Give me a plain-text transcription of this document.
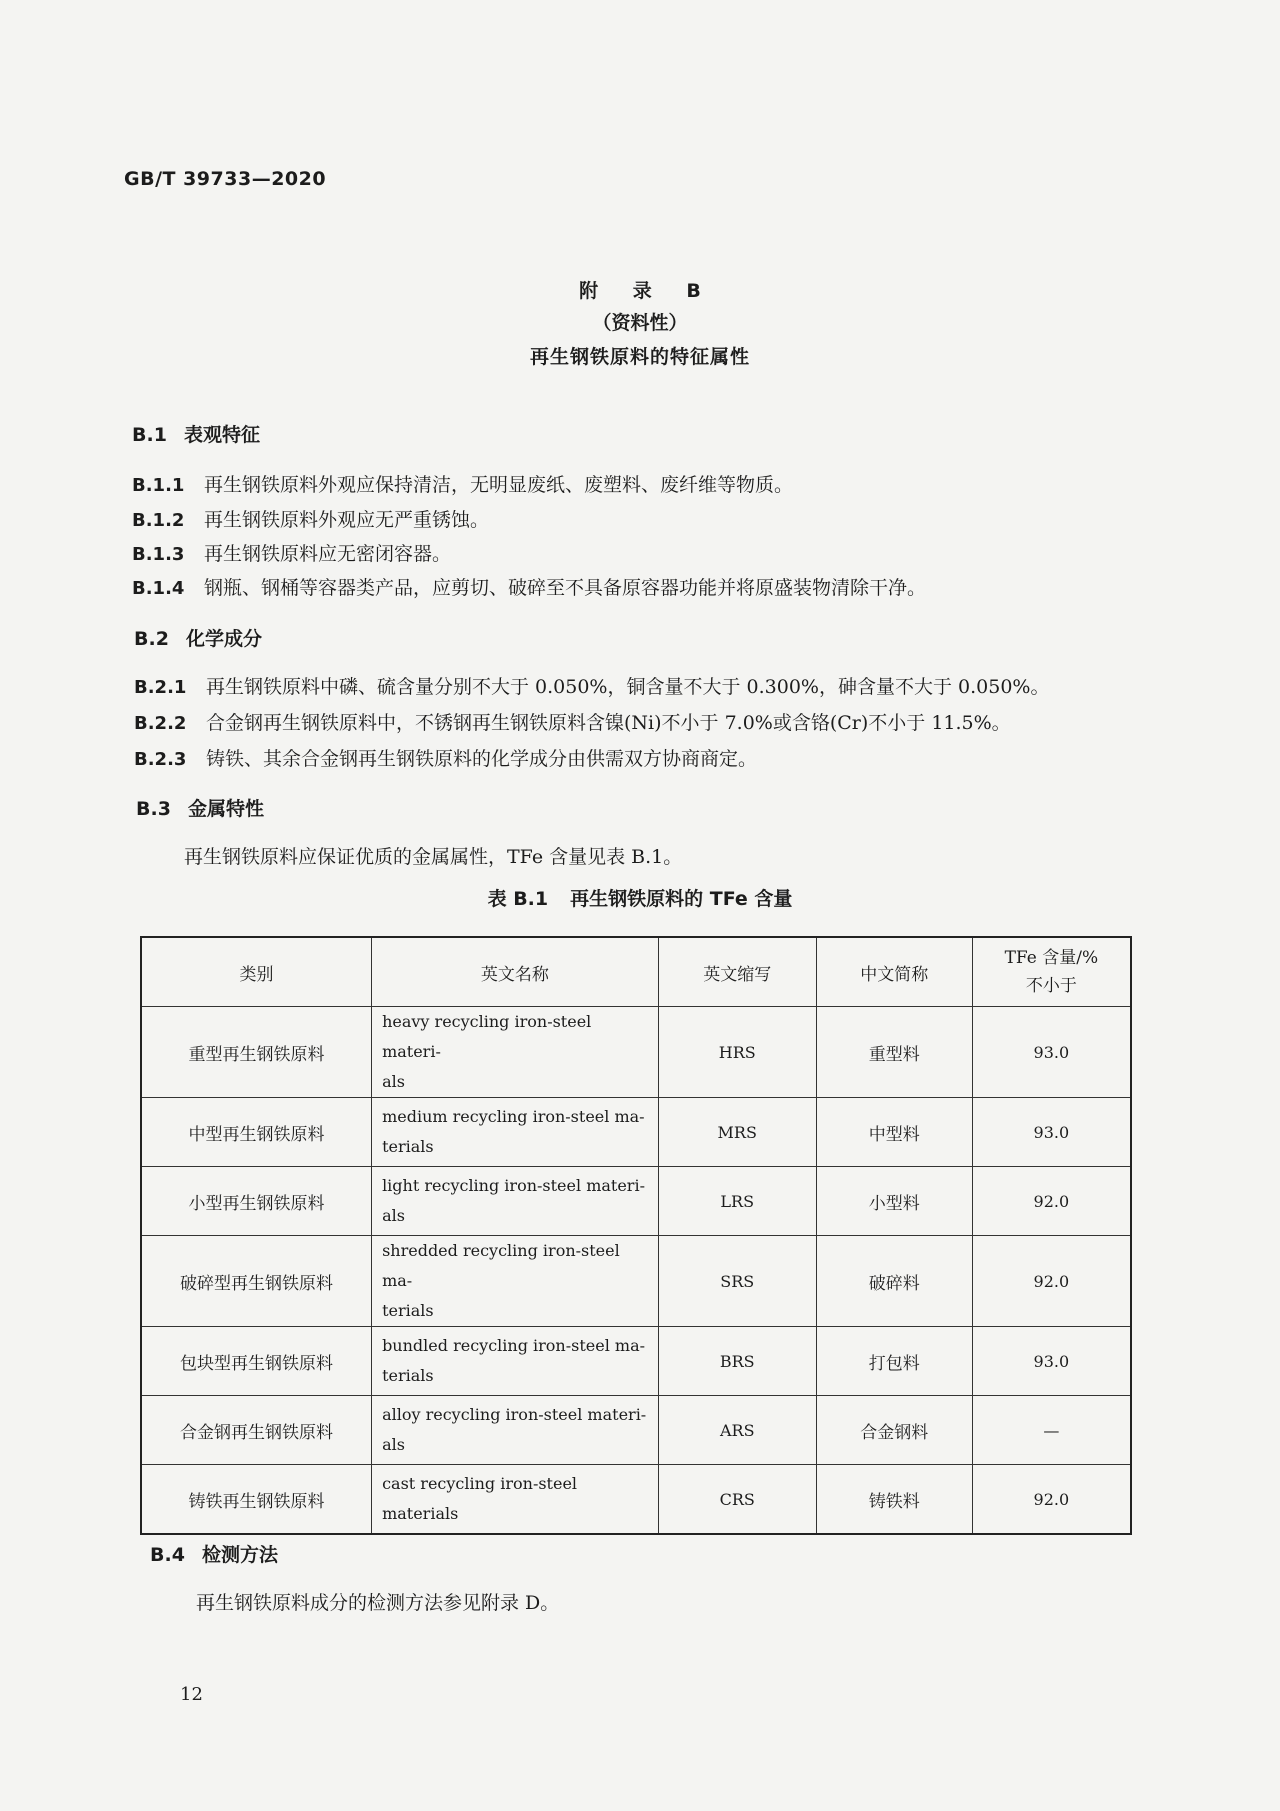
GB/T 39733—2020
附 录 B
（资料性）
再生钢铁原料的特征属性
B.1 表观特征
B.1.1 再生钢铁原料外观应保持清洁，无明显废纸、废塑料、废纤维等物质。
B.1.2 再生钢铁原料外观应无严重锈蚀。
B.1.3 再生钢铁原料应无密闭容器。
B.1.4 钢瓶、钢桶等容器类产品，应剪切、破碎至不具备原容器功能并将原盛装物清除干净。
B.2 化学成分
B.2.1 再生钢铁原料中磷、硫含量分别不大于 0.050%，铜含量不大于 0.300%，砷含量不大于 0.050%。
B.2.2 合金钢再生钢铁原料中，不锈钢再生钢铁原料含镍(Ni)不小于 7.0%或含铬(Cr)不小于 11.5%。
B.2.3 铸铁、其余合金钢再生钢铁原料的化学成分由供需双方协商商定。
B.3 金属特性
再生钢铁原料应保证优质的金属属性，TFe 含量见表 B.1。
表 B.1 再生钢铁原料的 TFe 含量
类别	英文名称	英文缩写	中文简称	TFe 含量/%
不小于

重型再生钢铁原料	heavy recycling iron-steel materi-
als	HRS	重型料	93.0
中型再生钢铁原料	medium recycling iron-steel ma-
terials	MRS	中型料	93.0
小型再生钢铁原料	light recycling iron-steel materi-
als	LRS	小型料	92.0
破碎型再生钢铁原料	shredded recycling iron-steel ma-
terials	SRS	破碎料	92.0
包块型再生钢铁原料	bundled recycling iron-steel ma-
terials	BRS	打包料	93.0
合金钢再生钢铁原料	alloy recycling iron-steel materi-
als	ARS	合金钢料	—
铸铁再生钢铁原料	cast recycling iron-steel materials	CRS	铸铁料	92.0
B.4 检测方法
再生钢铁原料成分的检测方法参见附录 D。
12
